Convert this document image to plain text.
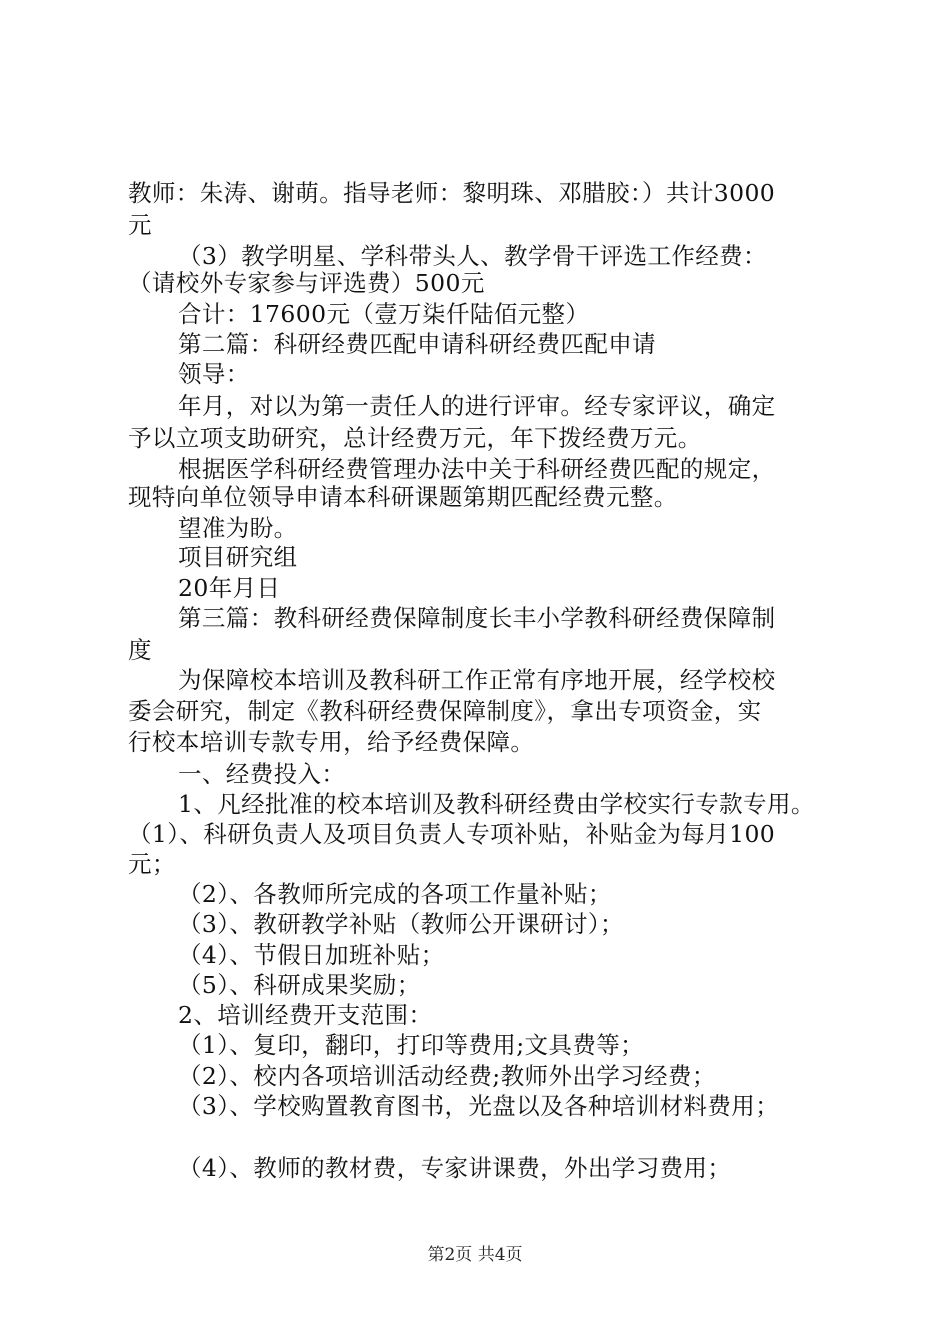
教师：朱涛、谢萌。指导老师：黎明珠、邓腊胶：）共计3000
元
（3）教学明星、学科带头人、教学骨干评选工作经费：
（请校外专家参与评选费）500元
合计：17600元（壹万柒仟陆佰元整）
第二篇：科研经费匹配申请科研经费匹配申请
领导：
年月，对以为第一责任人的进行评审。经专家评议，确定
予以立项支助研究，总计经费万元，年下拨经费万元。
根据医学科研经费管理办法中关于科研经费匹配的规定，
现特向单位领导申请本科研课题第期匹配经费元整。
望准为盼。
项目研究组
20年月日
第三篇：教科研经费保障制度长丰小学教科研经费保障制
度
为保障校本培训及教科研工作正常有序地开展，经学校校
委会研究，制定《教科研经费保障制度》，拿出专项资金，实
行校本培训专款专用，给予经费保障。
一、经费投入：
1、凡经批准的校本培训及教科研经费由学校实行专款专用。
（1）、科研负责人及项目负责人专项补贴，补贴金为每月100
元；
（2）、各教师所完成的各项工作量补贴；
（3）、教研教学补贴（教师公开课研讨）；
（4）、节假日加班补贴；
（5）、科研成果奖励；
2、培训经费开支范围：
（1）、复印，翻印，打印等费用;文具费等；
（2）、校内各项培训活动经费;教师外出学习经费；
（3）、学校购置教育图书，光盘以及各种培训材料费用；
（4）、教师的教材费，专家讲课费，外出学习费用；
第2页 共4页
